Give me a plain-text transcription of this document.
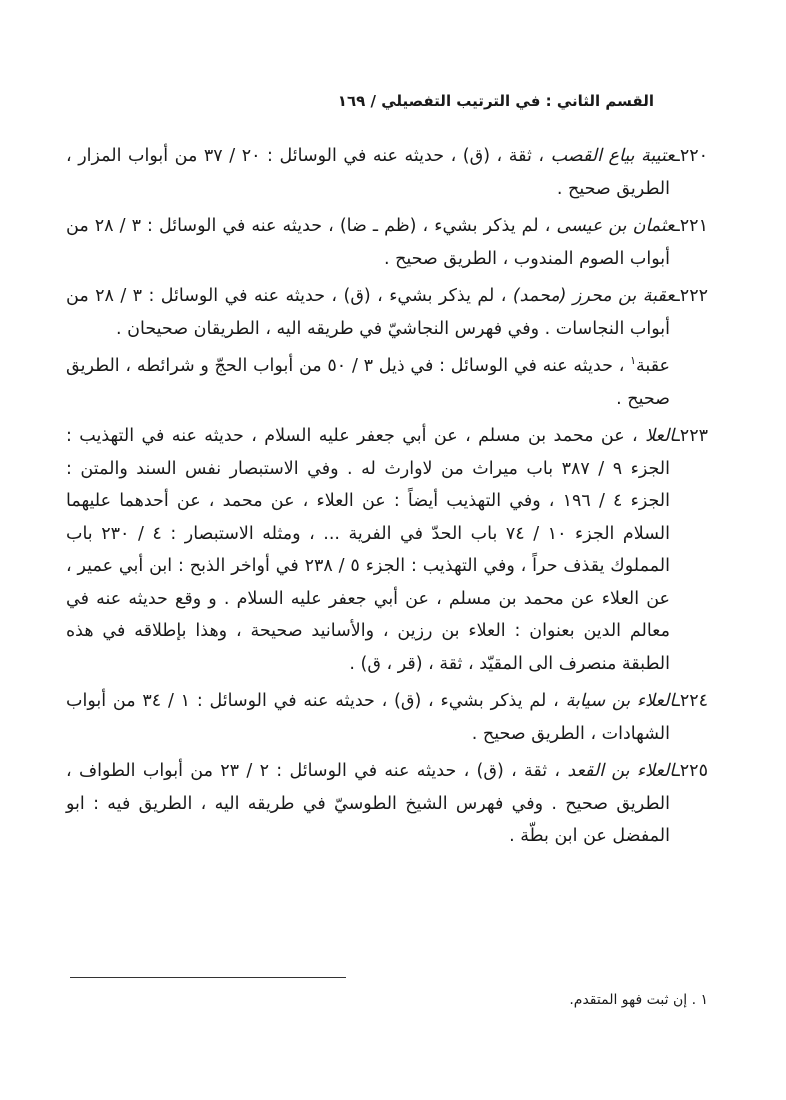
القسم الثاني : في الترتيب التفصيلي / ١٦٩

٢٢٠ـعتيبة بياع القصب ، ثقة ، (ق) ، حديثه عنه في الوسائل : ٢٠ / ٣٧ من أبواب المزار ، الطريق صحيح .

٢٢١ـعثمان بن عيسى ، لم يذكر بشيء ، (ظم ـ ضا) ، حديثه عنه في الوسائل : ٣ / ٢٨ من أبواب الصوم المندوب ، الطريق صحيح .

٢٢٢ـعقبة بن محرز (محمد) ، لم يذكر بشيء ، (ق) ، حديثه عنه في الوسائل : ٣ / ٢٨ من أبواب النجاسات . وفي فهرس النجاشيّ في طريقه اليه ، الطريقان صحيحان .

عقبة$^١$ ، حديثه عنه في الوسائل : في ذيل ٣ / ٥٠ من أبواب الحجّ و شرائطه ، الطريق صحيح .

٢٢٣ـالعلا ، عن محمد بن مسلم ، عن أبي جعفر عليه السلام ، حديثه عنه في التهذيب : الجزء ٩ / ٣٨٧ باب ميراث من لاوارث له . وفي الاستبصار نفس السند والمتن : الجزء ٤ / ١٩٦ ، وفي التهذيب أيضاً : عن العلاء ، عن محمد ، عن أحدهما عليهما السلام الجزء ١٠ / ٧٤ باب الحدّ في الفرية ... ، ومثله الاستبصار : ٤ / ٢٣٠ باب المملوك يقذف حراً ، وفي التهذيب : الجزء ٥ / ٢٣٨ في أواخر الذبح : ابن أبي عمير ، عن العلاء عن محمد بن مسلم ، عن أبي جعفر عليه السلام . و وقع حديثه عنه في معالم الدين بعنوان : العلاء بن رزين ، والأسانيد صحيحة ، وهذا بإطلاقه في هذه الطبقة منصرف الى المقيّد ، ثقة ، (قر ، ق) .

٢٢٤ـالعلاء بن سيابة ، لم يذكر بشيء ، (ق) ، حديثه عنه في الوسائل : ١ / ٣٤ من أبواب الشهادات ، الطريق صحيح .

٢٢٥ـالعلاء بن القعد ، ثقة ، (ق) ، حديثه عنه في الوسائل : ٢ / ٢٣ من أبواب الطواف ، الطريق صحيح . وفي فهرس الشيخ الطوسيّ في طريقه اليه ، الطريق فيه : ابو المفضل عن ابن بطّة .

١ . إن ثبت فهو المتقدم.
